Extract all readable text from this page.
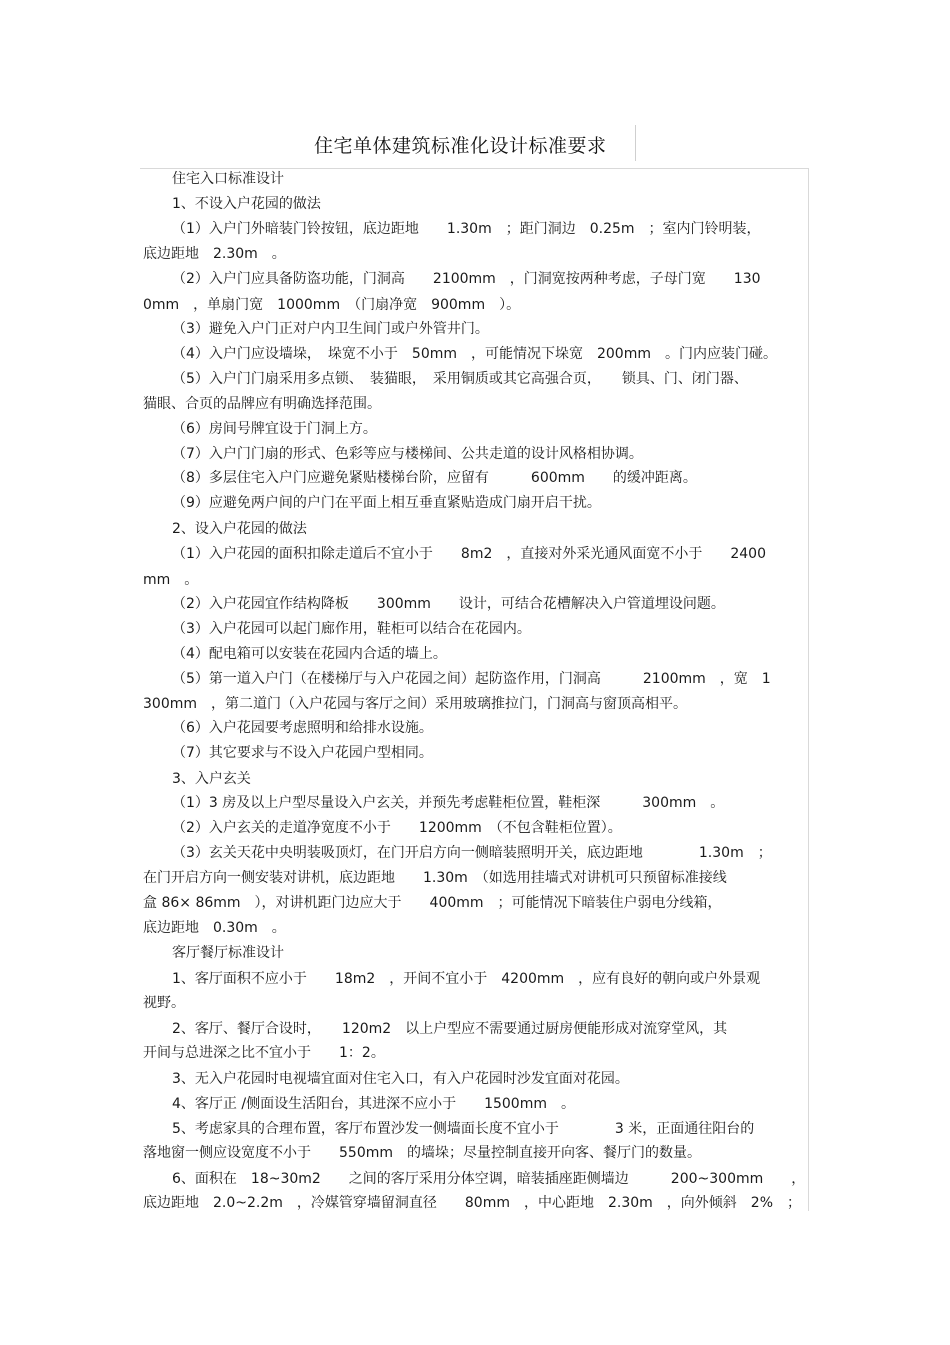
住宅单体建筑标准化设计标准要求
住宅入口标准设计
1、不设入户花园的做法
（1）入户门外暗装门铃按钮，底边距地　　1.30m　；距门洞边　0.25m　；室内门铃明装，
底边距地　2.30m　。
（2）入户门应具备防盗功能，门洞高　　2100mm　，门洞宽按两种考虑，子母门宽　　130
0mm　，单扇门宽　1000mm　（门扇净宽　900mm　）。
（3）避免入户门正对户内卫生间门或户外管井门。
（4）入户门应设墙垛，　垛宽不小于　50mm　，可能情况下垛宽　200mm　。门内应装门碰。
（5）入户门门扇采用多点锁、　装猫眼，　采用铜质或其它高强合页，　　锁具、门、闭门器、
猫眼、合页的品牌应有明确选择范围。
（6）房间号牌宜设于门洞上方。
（7）入户门门扇的形式、色彩等应与楼梯间、公共走道的设计风格相协调。
（8）多层住宅入户门应避免紧贴楼梯台阶，应留有　　　600mm　　的缓冲距离。
（9）应避免两户间的户门在平面上相互垂直紧贴造成门扇开启干扰。
2、设入户花园的做法
（1）入户花园的面积扣除走道后不宜小于　　8m2　，直接对外采光通风面宽不小于　　2400
mm　。
（2）入户花园宜作结构降板　　300mm　　设计，可结合花槽解决入户管道埋设问题。
（3）入户花园可以起门廊作用，鞋柜可以结合在花园内。
（4）配电箱可以安装在花园内合适的墙上。
（5）第一道入户门（在楼梯厅与入户花园之间）起防盗作用，门洞高　　　2100mm　，宽　1
300mm　，第二道门（入户花园与客厅之间）采用玻璃推拉门，门洞高与窗顶高相平。
（6）入户花园要考虑照明和给排水设施。
（7）其它要求与不设入户花园户型相同。
3、入户玄关
（1）3 房及以上户型尽量设入户玄关，并预先考虑鞋柜位置，鞋柜深　　　300mm　。
（2）入户玄关的走道净宽度不小于　　1200mm　（不包含鞋柜位置）。
（3）玄关天花中央明装吸顶灯，在门开启方向一侧暗装照明开关，底边距地　　　　1.30m　；
在门开启方向一侧安装对讲机，底边距地　　1.30m　（如选用挂墙式对讲机可只预留标准接线
盒 86× 86mm　），对讲机距门边应大于　　400mm　；可能情况下暗装住户弱电分线箱，
底边距地　0.30m　。
客厅餐厅标准设计
1、客厅面积不应小于　　18m2　，开间不宜小于　4200mm　，应有良好的朝向或户外景观
视野。
2、客厅、餐厅合设时，　　120m2　以上户型应不需要通过厨房便能形成对流穿堂风，其
开间与总进深之比不宜小于　　1：2。
3、无入户花园时电视墙宜面对住宅入口，有入户花园时沙发宜面对花园。
4、客厅正 /侧面设生活阳台，其进深不应小于　　1500mm　。
5、考虑家具的合理布置，客厅布置沙发一侧墙面长度不宜小于　　　　3 米，正面通往阳台的
落地窗一侧应设宽度不小于　　550mm　的墙垛；尽量控制直接开向客、餐厅门的数量。
6、面积在　18~30m2　　之间的客厅采用分体空调，暗装插座距侧墙边　　　200~300mm　　，
底边距地　2.0~2.2m　，冷媒管穿墙留洞直径　　80mm　，中心距地　2.30m　，向外倾斜　2%　；
